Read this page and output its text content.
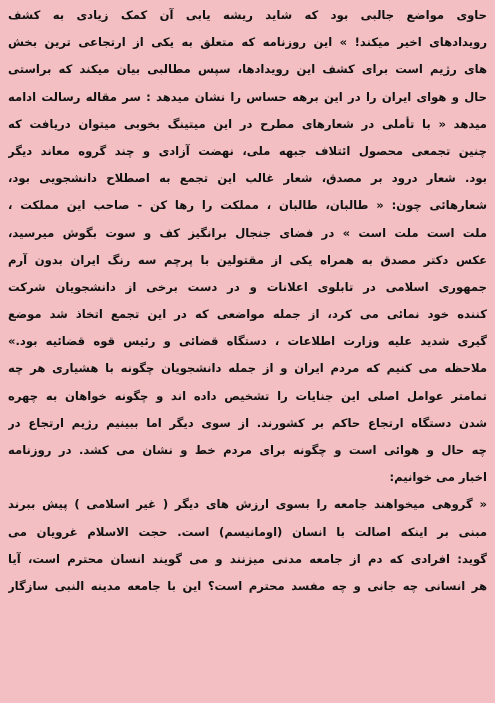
حاوی مواضع جالبی بود که شاید ریشه یابی آن کمک زیادی به کشف
رویدادهای اخیر میکند! » این روزنامه که متعلق به یکی از ارتجاعی ترین بخش
های رژیم است برای کشف این رویدادها، سپس مطالبی بیان میکند که براستی
حال و هوای ایران را در این برهه حساس را نشان میدهد : سر مقاله رسالت ادامه
میدهد « با تأملی در شعارهای مطرح در این میتینگ بخوبی میتوان دریافت که
چنین تجمعی محصول ائتلاف جبهه ملی، نهضت آزادی و چند گروه معاند دیگر
بود. شعار درود بر مصدق، شعار غالب این تجمع به اصطلاح دانشجویی بود،
شعارهائی چون: « طالبان، طالبان ، مملکت را رها کن - صاحب این مملکت ،
ملت است ملت است » در فضای جنجال برانگیز کف و سوت بگوش میرسید،
عکس دکتر مصدق به همراه یکی از مقتولین با پرچم سه رنگ ایران بدون آرم
جمهوری اسلامی در تابلوی اعلانات و در دست برخی از دانشجویان شرکت
کننده خود نمائی می کرد، از جمله مواضعی که در این تجمع اتخاذ شد موضع
گیری شدید علیه وزارت اطلاعات ، دستگاه قضائی و رئیس قوه قضائیه بود.»
ملاحظه می کنیم که مردم ایران و از جمله دانشجویان چگونه با هشیاری هر چه
تمامتر عوامل اصلی این جنایات را تشخیص داده اند و چگونه خواهان به چهره
شدن دستگاه ارتجاع حاکم بر کشورند. از سوی دیگر اما ببینیم رژیم ارتجاع در
چه حال و هوائی است و چگونه برای مردم خط و نشان می کشد. در روزنامه
اخبار می خوانیم:
« گروهی میخواهند جامعه را بسوی ارزش های دیگر ( غیر اسلامی ) پیش ببرند
مبنی بر اینکه اصالت با انسان (اومانیسم) است. حجت الاسلام غرویان می
گوید: افرادی که دم از جامعه مدنی میزنند و می گویند انسان محترم است، آیا
هر انسانی چه جانی و چه مفسد محترم است؟ این با جامعه مدینه النبی سازگار
